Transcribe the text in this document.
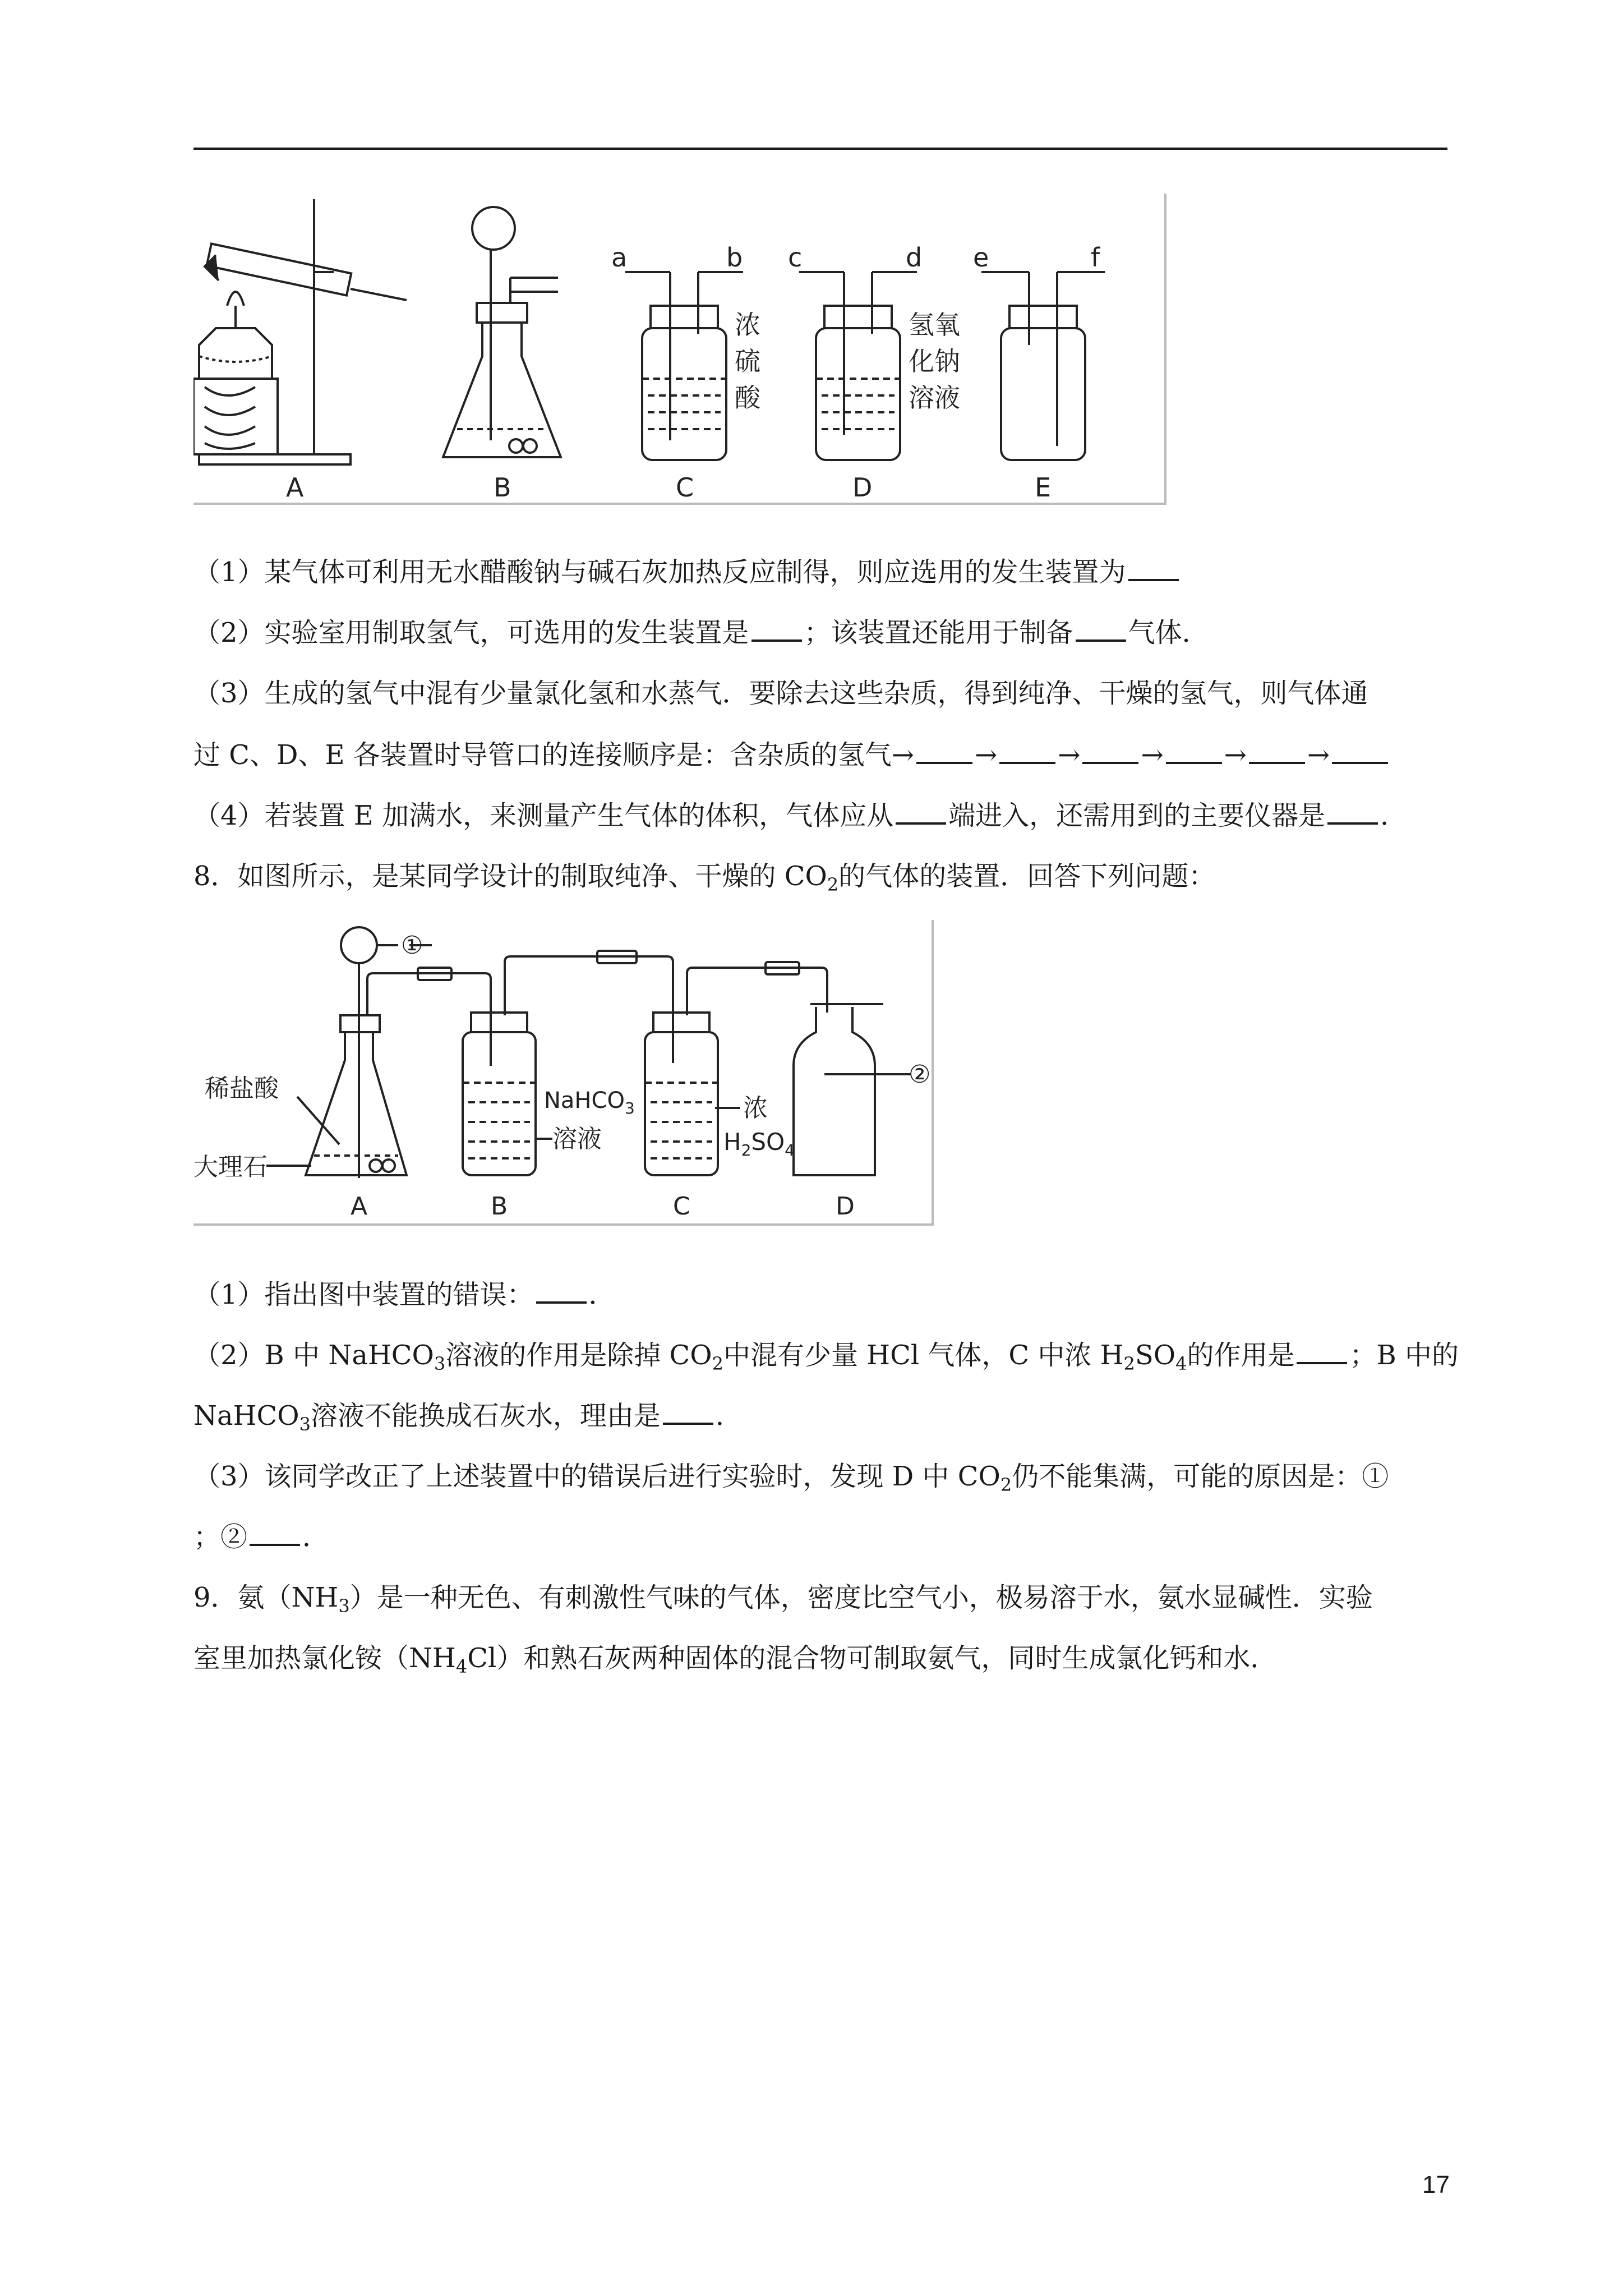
A	B	C	D	E
a	b c	d e	f
浓
硫
酸
氢氧
化钠
溶液
（1）某气体可利用无水醋酸钠与碱石灰加热反应制得，则应选用的发生装置为
（2）实验室用制取氢气，可选用的发生装置是 ；该装置还能用于制备 气体．
（3）生成的氢气中混有少量氯化氢和水蒸气．要除去这些杂质，得到纯净、干燥的氢气，则气体通
过 C、D、E 各装置时导管口的连接顺序是：含杂质的氢气→ → → → → →
（4）若装置 E 加满水，来测量产生气体的体积，气体应从 端进入，还需用到的主要仪器是 ．
8．如图所示，是某同学设计的制取纯净、干燥的 $CO_2$的气体的装置．回答下列问题：
①
②
稀盐酸
大理石
NaHCO$_3$
溶液
浓
$H_2SO_4$
A	B	C	D
（1）指出图中装置的错误： ．
（2）B 中 NaHCO$_3$溶液的作用是除掉 $CO_2$中混有少量 HCl 气体，C 中浓 $H_2SO_4$的作用是 ；B 中的
NaHCO$_3$溶液不能换成石灰水，理由是 ．
（3）该同学改正了上述装置中的错误后进行实验时，发现 D 中 $CO_2$仍不能集满，可能的原因是：①
；② ．
9．氨$(NH_3)$是一种无色、有刺激性气味的气体，密度比空气小，极易溶于水，氨水显碱性．实验
室里加热氯化铵$(NH_4Cl)$和熟石灰两种固体的混合物可制取氨气，同时生成氯化钙和水．
17
